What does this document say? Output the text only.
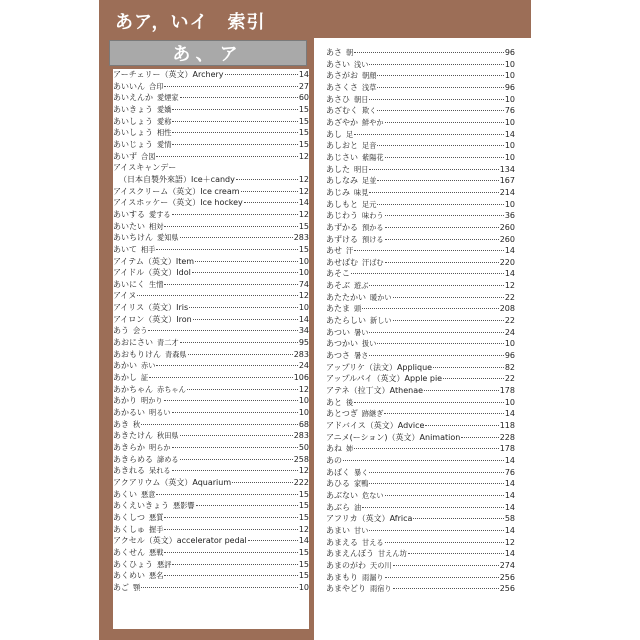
あア，いイ　索引
あ、ア
アーチェリー（英文）Archery	14
あいいん 合印	27
あいえんか 愛煙家	60
あいきょう 愛嬌	15
あいしょう 愛称	15
あいしょう 相性	15
あいじょう 愛情	15
あいず 合図	12
アイスキャンデー
（日本自製外來語）Ice＋candy	12
アイスクリーム（英文）Ice cream	12
アイスホッケー（英文）Ice hockey	14
あいする 愛する	12
あいたい 相対	15
あいちけん 愛知県	283
あいて 相手	15
アイテム（英文）Item	10
アイドル（英文）Idol	10
あいにく 生憎	74
アイヌ	12
アイリス（英文）Iris	10
アイロン（英文）Iron	14
あう 会う	34
あおにさい 青二才	95
あおもりけん 青森県	283
あかい 赤い	24
あかし 証	106
あかちゃん 赤ちゃん	12
あかり 明かり	10
あかるい 明るい	10
あき 秋	68
あきたけん 秋田県	283
あきらか 明らか	50
あきらめる 諦める	258
あきれる 呆れる	12
アクアリウム（英文）Aquarium	222
あくい 悪意	15
あくえいきょう 悪影響	15
あくしつ 悪質	15
あくしゅ 握手	12
アクセル（英文）accelerator pedal	14
あくせん 悪戦	15
あくひょう 悪評	15
あくめい 悪名	15
あご 顎	10
あさ 朝	96
あさい 浅い	10
あさがお 朝顔	10
あさくさ 浅草	96
あさひ 朝日	10
あざむく 欺く	76
あざやか 鮮やか	10
あし 足	14
あしおと 足音	10
あじさい 紫陽花	10
あした 明日	134
あしなみ 足並	167
あじみ 味見	214
あしもと 足元	10
あじわう 味わう	36
あずかる 預かる	260
あずける 預ける	260
あせ 汗	14
あせばむ 汗ばむ	220
あそこ	14
あそぶ 遊ぶ	12
あたたかい 暖かい	22
あたま 頭	208
あたらしい 新しい	22
あつい 暑い	24
あつかい 扱い	10
あつさ 暑さ	96
アップリケ（法文）Applique	82
アップルパイ（英文）Apple pie	22
アテネ（拉丁文）Athenae	178
あと 後	10
あとつぎ 跡継ぎ	14
アドバイス（英文）Advice	118
アニメ(ーション)（英文）Animation	228
あね 姉	178
あの	14
あばく 暴く	76
あひる 家鴨	14
あぶない 危ない	14
あぶら 油	14
アフリカ（英文）Africa	58
あまい 甘い	14
あまえる 甘える	12
あまえんぼう 甘えん坊	14
あまのがわ 天の川	274
あまもり 雨漏り	256
あまやどり 雨宿り	256
